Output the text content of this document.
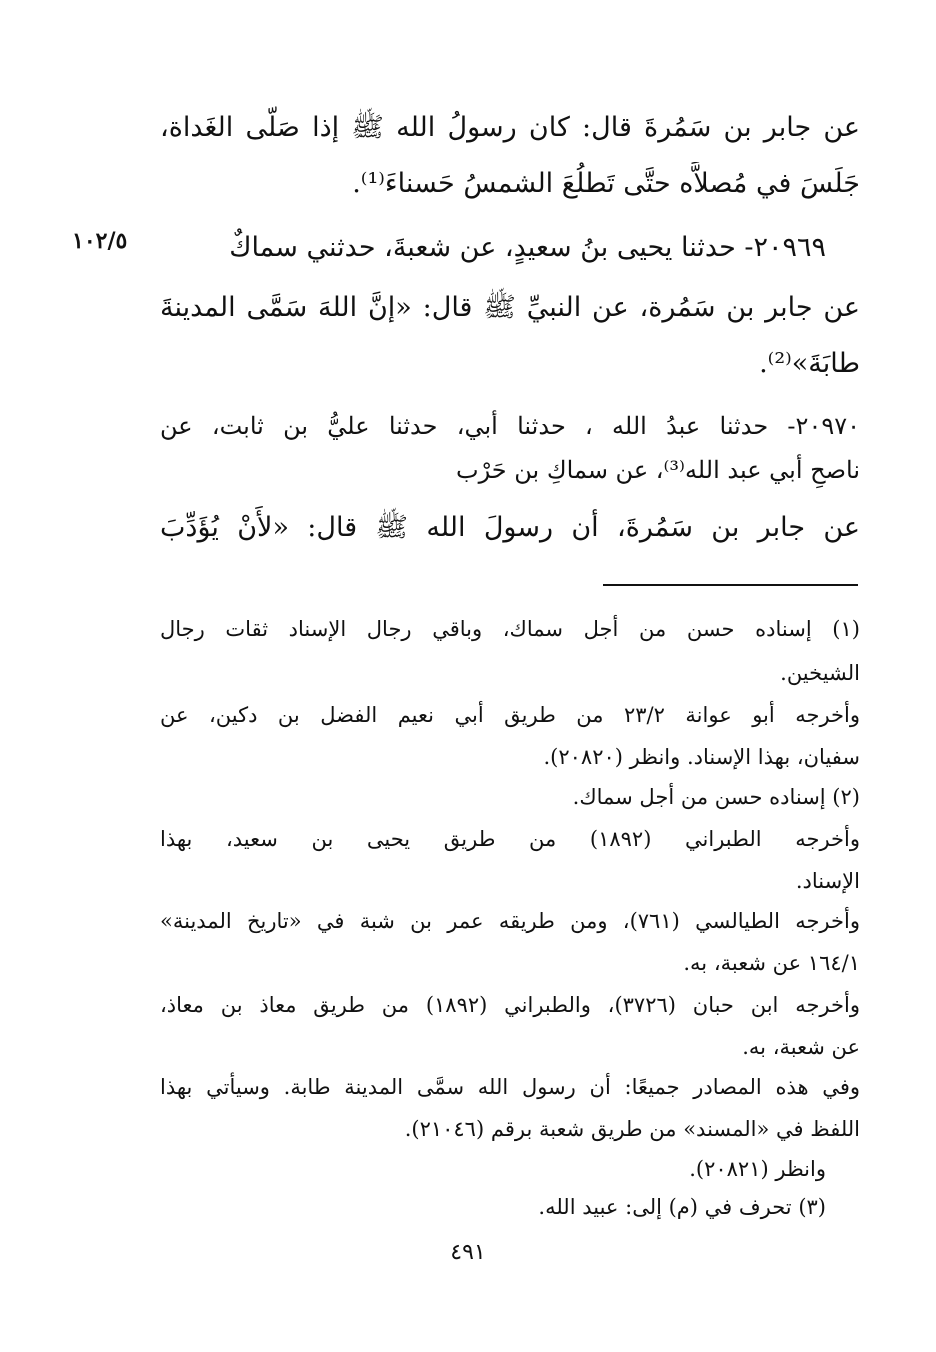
عن جابر بن سَمُرةَ قال: كان رسولُ الله ﷺ إذا صَلَّى الغَداة،
جَلَسَ في مُصلاَّه حتَّى تَطلُعَ الشمسُ حَسناءَ⁽¹⁾.
٢٠٩٦٩- حدثنا يحيى بنُ سعيدٍ، عن شعبةَ، حدثني سماكٌ
١٠٢/٥
عن جابر بن سَمُرة، عن النبيِّ ﷺ قال: «إنَّ اللهَ سَمَّى المدينةَ
طابَةَ»⁽²⁾.
٢٠٩٧٠- حدثنا عبدُ الله ، حدثنا أبي، حدثنا عليُّ بن ثابت، عن
ناصحِ أبي عبد الله⁽³⁾، عن سماكِ بن حَرْب
عن جابر بن سَمُرةَ، أن رسولَ الله ﷺ قال: «لأَنْ يُؤَدِّبَ
(١) إسناده حسن من أجل سماك، وباقي رجال الإسناد ثقات رجال
الشيخين.
وأخرجه أبو عوانة ٢٣/٢ من طريق أبي نعيم الفضل بن دكين، عن
سفيان، بهذا الإسناد. وانظر (٢٠٨٢٠).
(٢) إسناده حسن من أجل سماك.
وأخرجه الطبراني (١٨٩٢) من طريق يحيى بن سعيد، بهذا
الإسناد.
وأخرجه الطيالسي (٧٦١)، ومن طريقه عمر بن شبة في «تاريخ المدينة»
١٦٤/١ عن شعبة، به.
وأخرجه ابن حبان (٣٧٢٦)، والطبراني (١٨٩٢) من طريق معاذ بن معاذ،
عن شعبة، به.
وفي هذه المصادر جميعًا: أن رسول الله سمَّى المدينة طابة. وسيأتي بهذا
اللفظ في «المسند» من طريق شعبة برقم (٢١٠٤٦).
وانظر (٢٠٨٢١).
(٣) تحرف في (م) إلى: عبيد الله.
٤٩١
